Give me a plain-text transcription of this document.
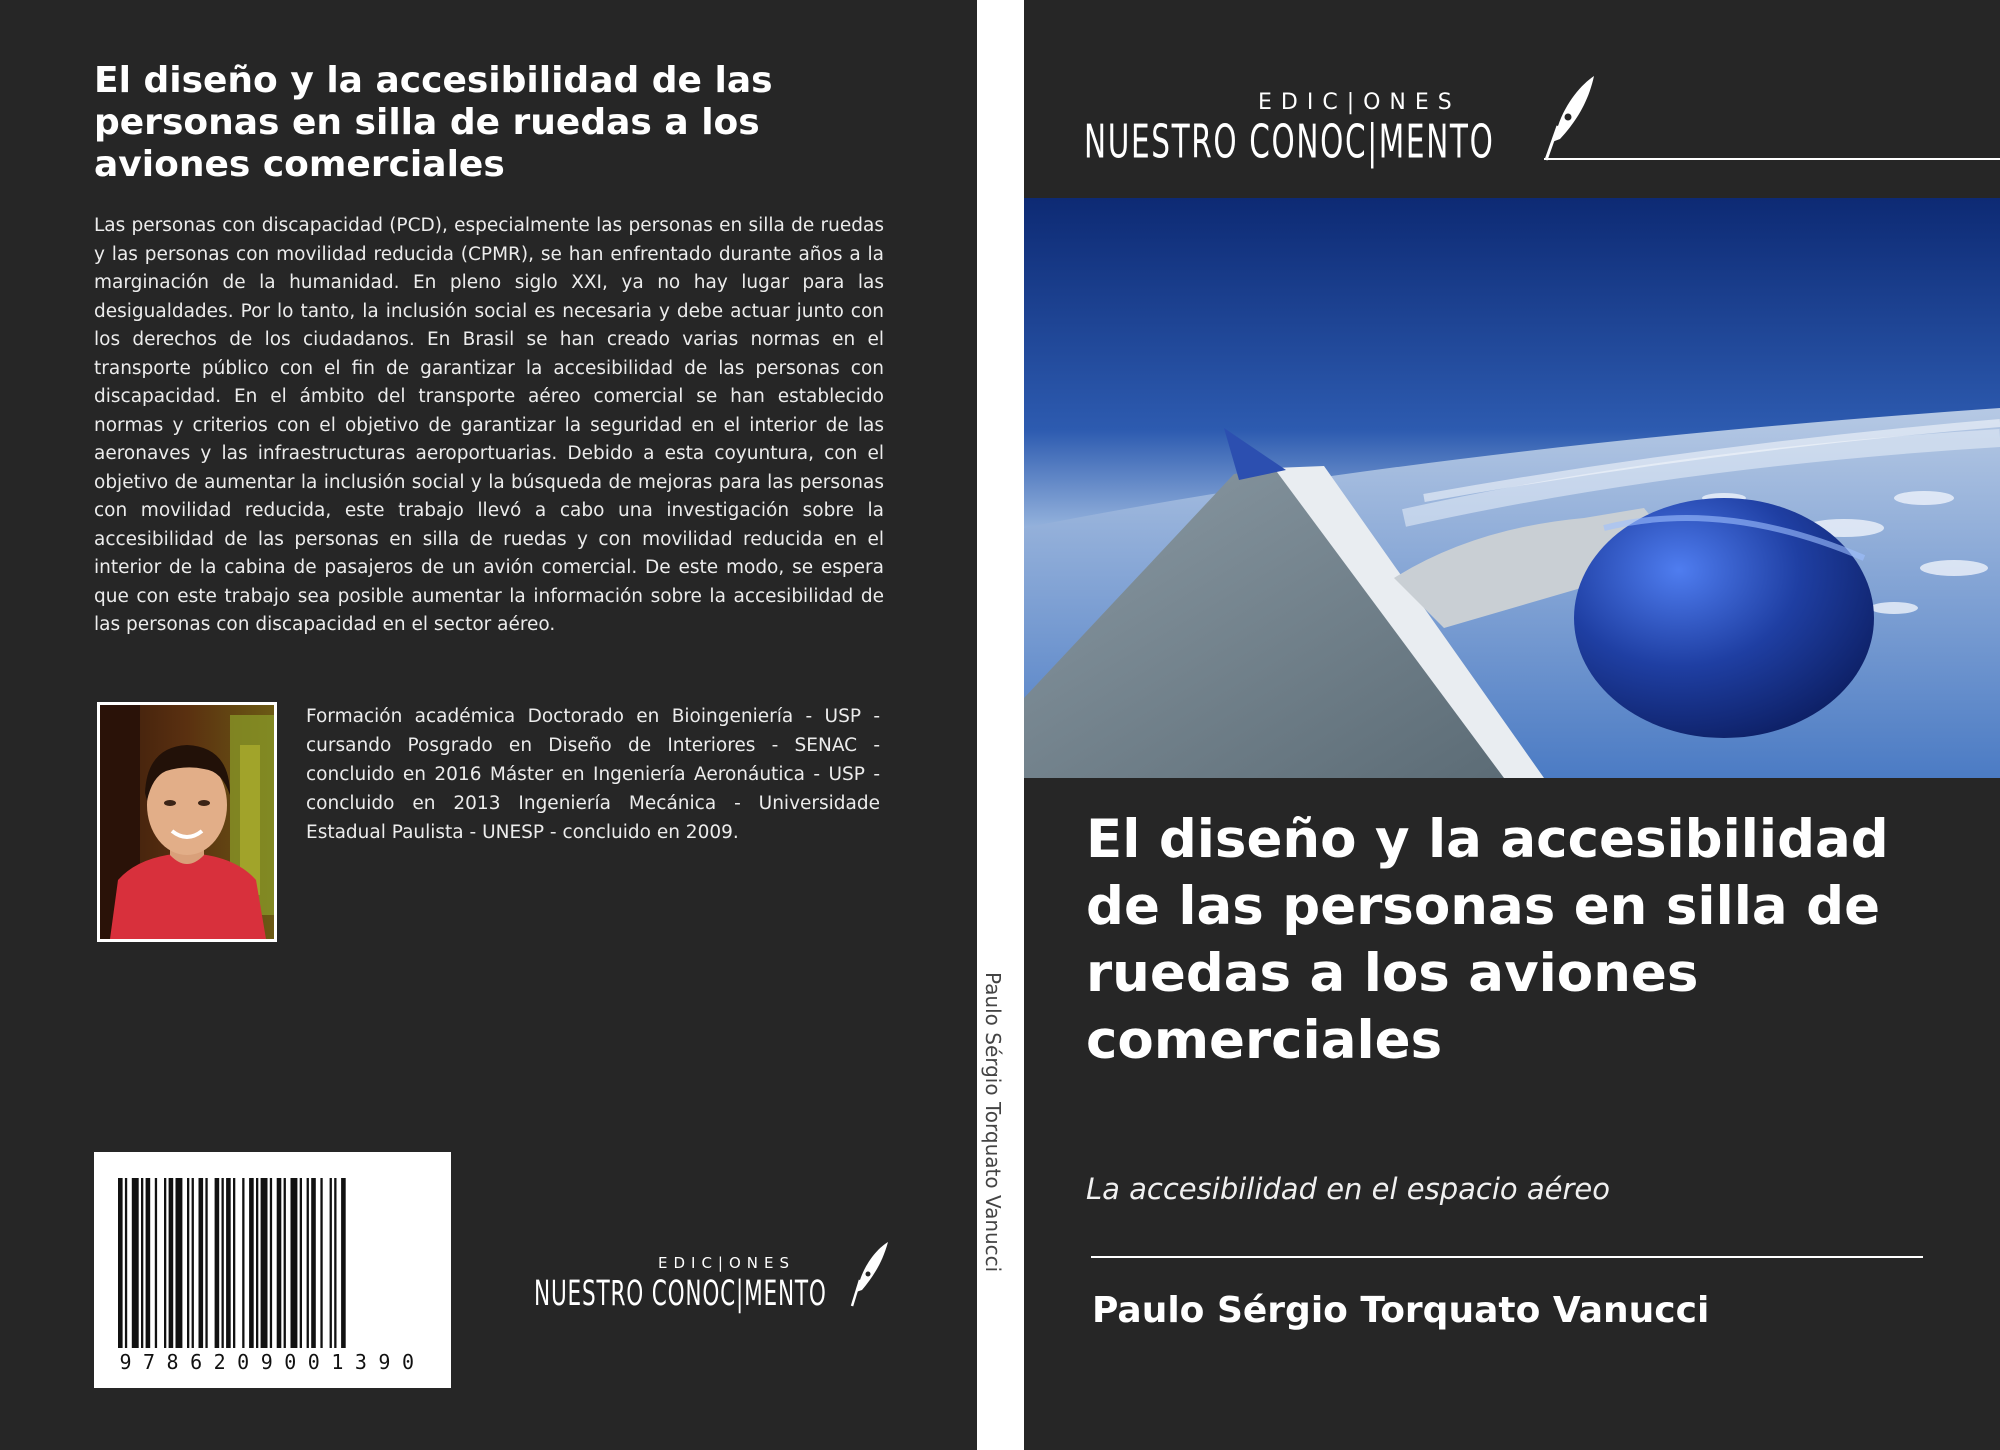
El diseño y la accesibilidad de las personas en silla de ruedas a los aviones comerciales

Las personas con discapacidad (PCD), especialmente las personas en silla de ruedas y las personas con movilidad reducida (CPMR), se han enfrentado durante años a la marginación de la humanidad. En pleno siglo XXI, ya no hay lugar para las desigualdades. Por lo tanto, la inclusión social es necesaria y debe actuar junto con los derechos de los ciudadanos. En Brasil se han creado varias normas en el transporte público con el fin de garantizar la accesibilidad de las personas con discapacidad. En el ámbito del transporte aéreo comercial se han establecido normas y criterios con el objetivo de garantizar la seguridad en el interior de las aeronaves y las infraestructuras aeroportuarias. Debido a esta coyuntura, con el objetivo de aumentar la inclusión social y la búsqueda de mejoras para las personas con movilidad reducida, este trabajo llevó a cabo una investigación sobre la accesibilidad de las personas en silla de ruedas y con movilidad reducida en el interior de la cabina de pasajeros de un avión comercial. De este modo, se espera que con este trabajo sea posible aumentar la información sobre la accesibilidad de las personas con discapacidad en el sector aéreo.

Formación académica Doctorado en Bioingeniería - USP - cursando Posgrado en Diseño de Interiores - SENAC - concluido en 2016 Máster en Ingeniería Aeronáutica - USP - concluido en 2013 Ingeniería Mecánica - Universidade Estadual Paulista - UNESP - concluido en 2009.

9786209001390
EDIC|ONES
NUESTRO CONOC|MENTO
Paulo Sérgio Torquato Vanucci
EDIC|ONES
NUESTRO CONOC|MENTO
El diseño y la accesibilidad de las personas en silla de ruedas a los aviones comerciales

La accesibilidad en el espacio aéreo

Paulo Sérgio Torquato Vanucci
